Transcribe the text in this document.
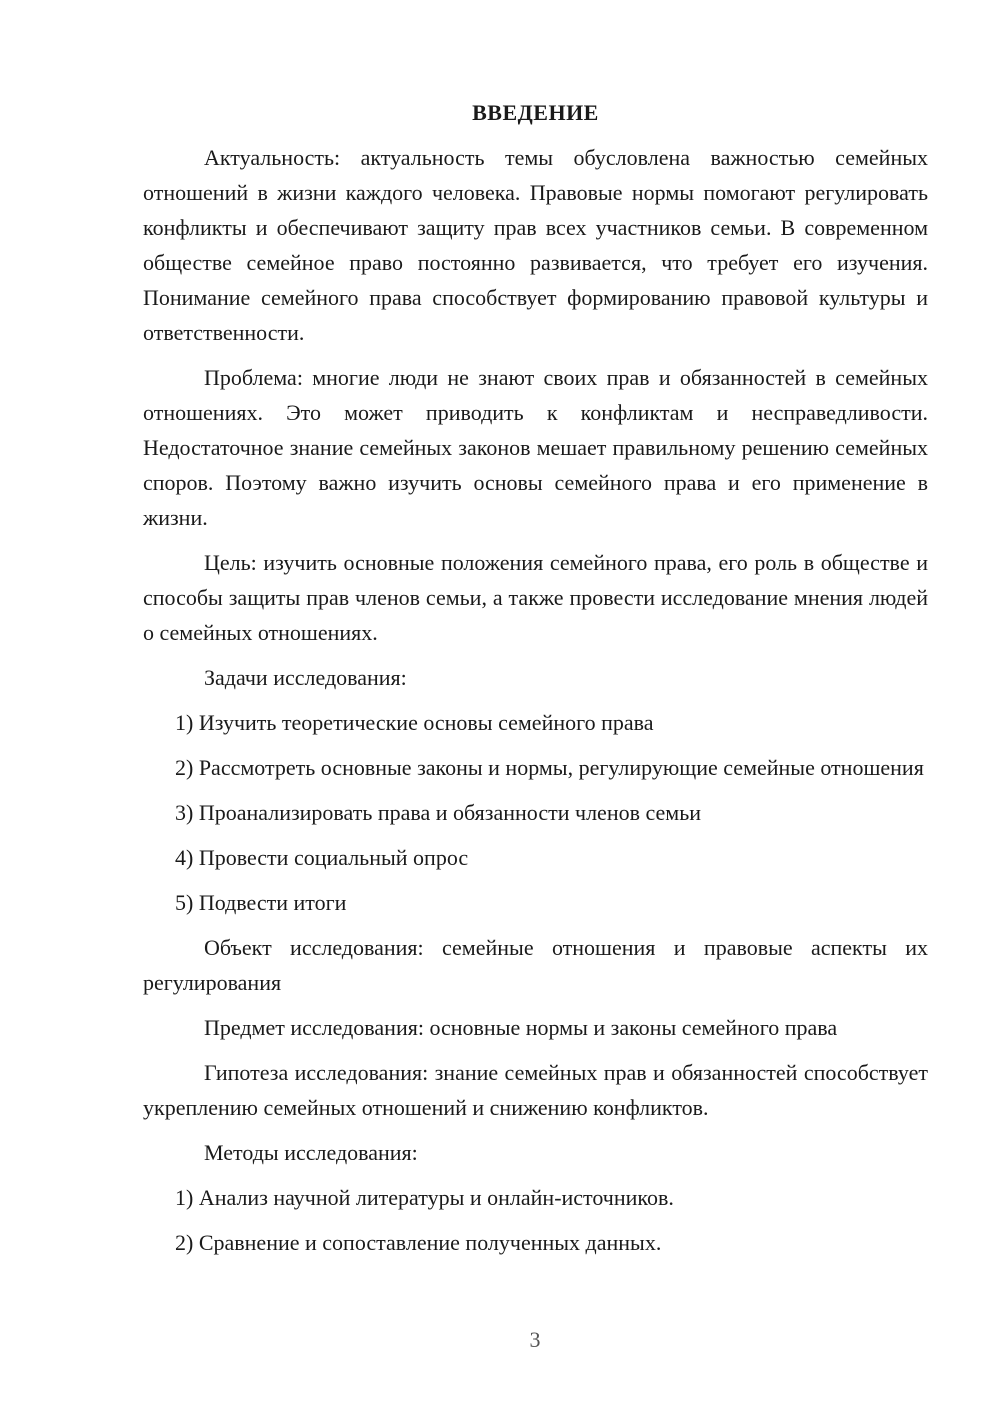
ВВЕДЕНИЕ

Актуальность: актуальность темы обусловлена важностью семейных отношений в жизни каждого человека. Правовые нормы помогают регулировать конфликты и обеспечивают защиту прав всех участников семьи. В современном обществе семейное право постоянно развивается, что требует его изучения. Понимание семейного права способствует формированию правовой культуры и ответственности.

Проблема: многие люди не знают своих прав и обязанностей в семейных отношениях. Это может приводить к конфликтам и несправедливости. Недостаточное знание семейных законов мешает правильному решению семейных споров. Поэтому важно изучить основы семейного права и его применение в жизни.

Цель: изучить основные положения семейного права, его роль в обществе и способы защиты прав членов семьи, а также провести исследование мнения людей о семейных отношениях.

Задачи исследования:

1) Изучить теоретические основы семейного права

2) Рассмотреть основные законы и нормы, регулирующие семейные отношения

3) Проанализировать права и обязанности членов семьи

4) Провести социальный опрос

5) Подвести итоги

Объект исследования: семейные отношения и правовые аспекты их регулирования

Предмет исследования: основные нормы и законы семейного права

Гипотеза исследования: знание семейных прав и обязанностей способствует укреплению семейных отношений и снижению конфликтов.

Методы исследования:

1) Анализ научной литературы и онлайн-источников.

2) Сравнение и сопоставление полученных данных.

3
